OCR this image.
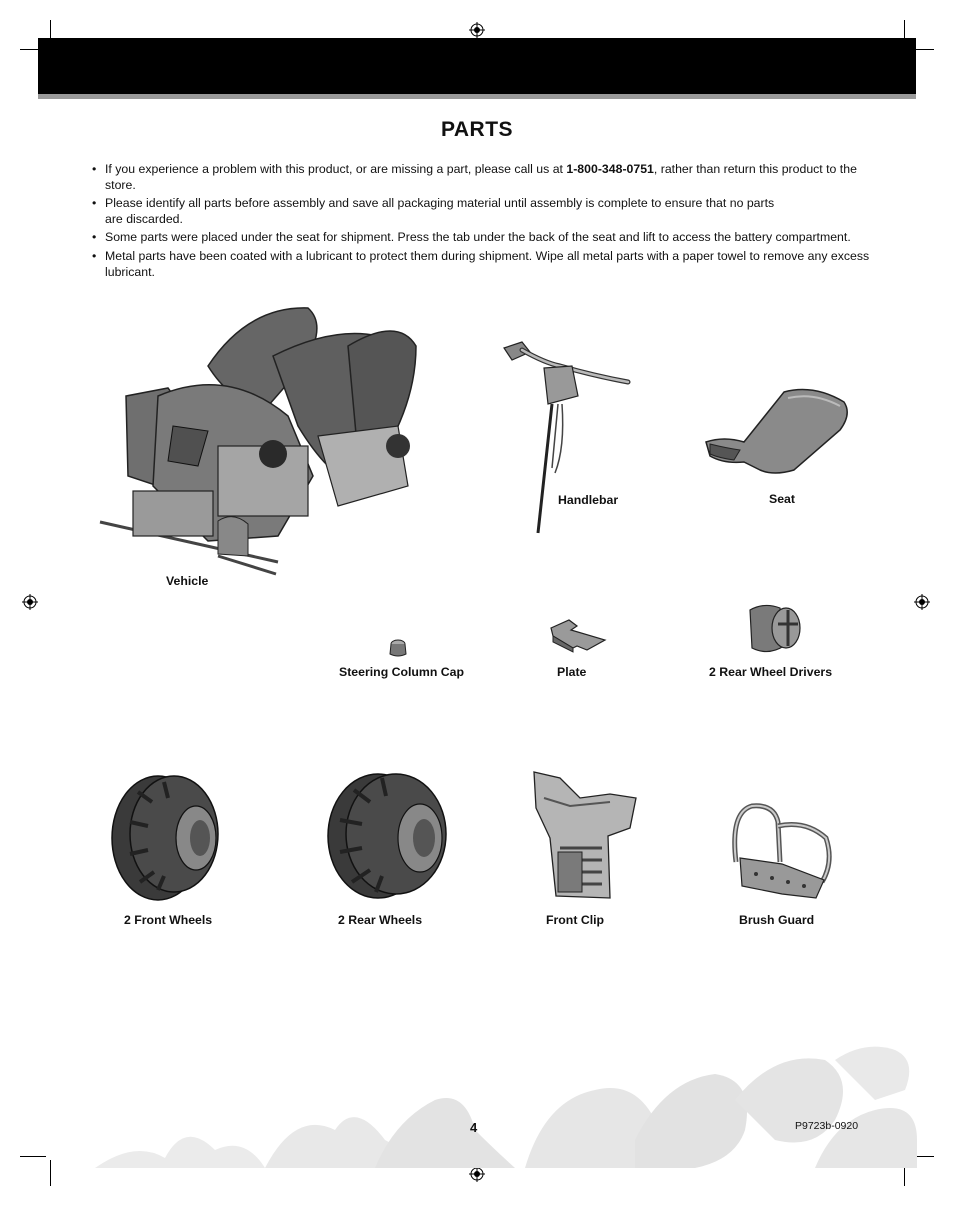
PARTS
• If you experience a problem with this product, or are missing a part, please call us at 1-800-348-0751, rather than return this product to the store.
• Please identify all parts before assembly and save all packaging material until assembly is complete to ensure that no parts are discarded.
• Some parts were placed under the seat for shipment. Press the tab under the back of the seat and lift to access the battery compartment.
• Metal parts have been coated with a lubricant to protect them during shipment. Wipe all metal parts with a paper towel to remove any excess lubricant.
Vehicle
Handlebar	Seat
Steering Column Cap	Plate	2 Rear Wheel Drivers
2 Front Wheels	2 Rear Wheels	Front Clip	Brush Guard
4	P9723b-0920
